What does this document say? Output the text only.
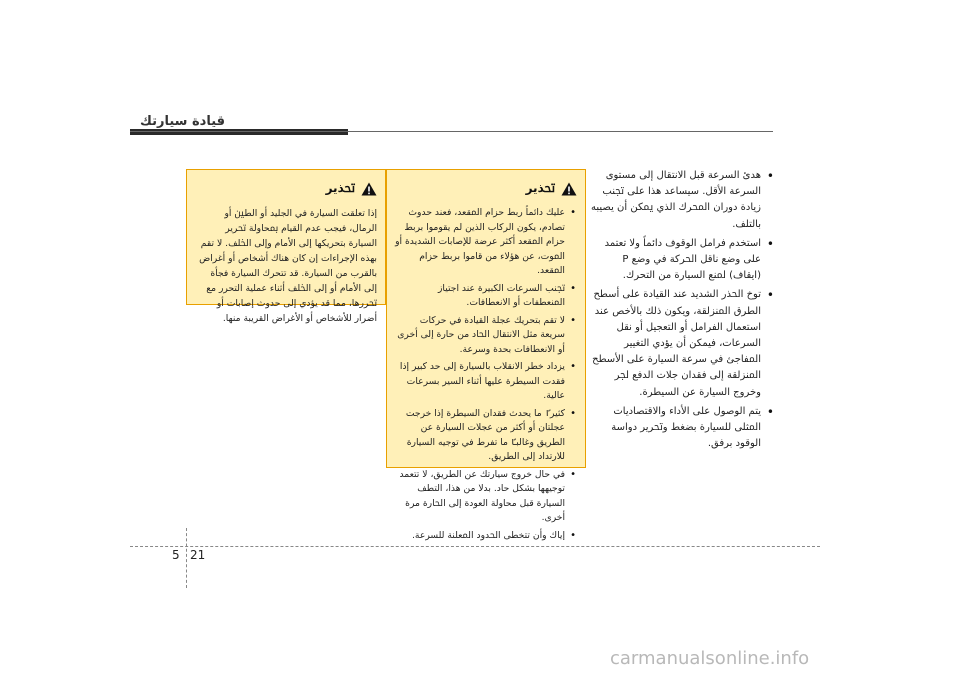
ﻗﻴﺎﺩﺓ ﺳﻴﺎﺭﺗﻚ
ﲢﺬﻳﺮ
ﺇﺫﺍ ﺗﻌﻠﻘﺖ ﺍﻟﺴﻴﺎﺭﺓ ﻓﻲ ﺍﻟﺠﻠﻴﺪ ﺃﻭ ﺍﻟﻄﲔ ﺃﻭ ﺍﻟﺮﻣﺎﻝ، ﻓﻴﺠﺐ ﻋﺪﻡ ﺍﻟﻘﻴﺎﻡ ﲟﺤﺎﻭﻟﺔ ﲢﺮﻳﺮ ﺍﻟﺴﻴﺎﺭﺓ ﺑﺘﺤﺮﻳﻜﻬﺎ ﺇﻟﻰ ﺍﻷﻣﺎﻡ ﻭﺇﻟﻰ ﺍﳋﻠﻒ. ﻻ ﺗﻘﻢ ﺑﻬﺬﻩ ﺍﻹﺟﺮﺍﺀﺍﺕ ﺇﻥ ﻛﺎﻥ ﻫﻨﺎﻙ ﺃﺷﺨﺎﺹ ﺃﻭ ﺃﻏﺮﺍﺽ ﺑﺎﻟﻘﺮﺏ ﻣﻦ ﺍﻟﺴﻴﺎﺭﺓ. ﻗﺪ ﺗﺘﺤﺮﻙ ﺍﻟﺴﻴﺎﺭﺓ ﻓﺠﺄﺓ ﺇﻟﻰ ﺍﻷﻣﺎﻡ ﺃﻭ ﺇﻟﻰ ﺍﳋﻠﻒ ﺃﺛﻨﺎﺀ ﻋﻤﻠﻴﺔ ﺍﻟﺘﺤﺮﺭ ﻣﻊ ﲢﺮﺭﻫﺎ، ﻣﻤﺎ ﻗﺪ ﻳﺆﺩﻱ ﺇﻟﻰ ﺣﺪﻭﺙ ﺇﺻﺎﺑﺎﺕ ﺃﻭ ﺃﺿﺮﺍﺭ ﻟﻸﺷﺨﺎﺹ ﺃﻭ ﺍﻷﻏﺮﺍﺽ ﺍﻟﻘﺮﻳﺒﺔ ﻣﻨﻬﺎ.
ﲢﺬﻳﺮ
• ﻋﻠﻴﻚ ﺩﺍﺋﻤﴼ ﺭﺑﻂ ﺣﺰﺍﻡ ﺍﳌﻘﻌﺪ، ﻓﻌﻨﺪ ﺣﺪﻭﺙ ﺗﺼﺎﺩﻡ، ﻳﻜﻮﻥ ﺍﻟﺮﻛﺎﺏ ﺍﻟﺬﻳﻦ ﻟﻢ ﻳﻘﻮﻣﻮﺍ ﺑﺮﺑﻂ ﺣﺰﺍﻡ ﺍﳌﻘﻌﺪ ﺃﻛﺜﺮ ﻋﺮﺿﺔ ﻟﻺﺻﺎﺑﺎﺕ ﺍﻟﺸﺪﻳﺪﺓ ﺃﻭ ﺍﳌﻮﺕ، ﻋﻦ ﻫﺆﻻﺀ ﻣﻦ ﻗﺎﻣﻮﺍ ﺑﺮﺑﻂ ﺣﺰﺍﻡ ﺍﳌﻘﻌﺪ.
• ﲡﻨﺐ ﺍﻟﺴﺮﻋﺎﺕ ﺍﻟﻜﺒﻴﺮﺓ ﻋﻨﺪ ﺍﺟﺘﻴﺎﺯ ﺍﳌﻨﻌﻄﻔﺎﺕ ﺃﻭ ﺍﻻﻧﻌﻄﺎﻓﺎﺕ.
• ﻻ ﺗﻘﻢ ﺑﺘﺤﺮﻳﻚ ﻋﺠﻠﺔ ﺍﻟﻘﻴﺎﺩﺓ ﻓﻲ ﺣﺮﻛﺎﺕ ﺳﺮﻳﻌﺔ ﻣﺜﻞ ﺍﻻﻧﺘﻘﺎﻝ ﺍﳊﺎﺩ ﻣﻦ ﺣﺎﺭﺓ ﺇﻟﻰ ﺃﺧﺮﻯ ﺃﻭ ﺍﻻﻧﻌﻄﺎﻓﺎﺕ ﺑﺤﺪﺓ ﻭﺳﺮﻋﺔ.
• ﻳﺰﺩﺍﺩ ﺧﻄﺮ ﺍﻻﻧﻘﻼﺏ ﺑﺎﻟﺴﻴﺎﺭﺓ ﺇﻟﻰ ﺣﺪ ﻛﺒﻴﺮ ﺇﺫﺍ ﻓﻘﺪﺕ ﺍﻟﺴﻴﻄﺮﺓ ﻋﻠﻴﻬﺎ ﺃﺛﻨﺎﺀ ﺍﻟﺴﻴﺮ ﺑﺴﺮﻋﺎﺕ ﻋﺎﻟﻴﺔ.
• ﻛﺜﻴﺮﴽ ﻣﺎ ﻳﺤﺪﺙ ﻓﻘﺪﺍﻥ ﺍﻟﺴﻴﻄﺮﺓ ﺇﺫﺍ ﺧﺮﺟﺖ ﻋﺠﻠﺘﺎﻥ ﺃﻭ ﺃﻛﺜﺮ ﻣﻦ ﻋﺠﻼﺕ ﺍﻟﺴﻴﺎﺭﺓ ﻋﻦ ﺍﻟﻄﺮﻳﻖ ﻭﻏﺎﻟﺒﴼ ﻣﺎ ﺗﻔﺮﻁ ﻓﻲ ﺗﻮﺟﻴﻪ ﺍﻟﺴﻴﺎﺭﺓ ﻟﻼﺭﺗﺪﺍﺩ ﺇﻟﻰ ﺍﻟﻄﺮﻳﻖ.
• ﻓﻲ ﺣﺎﻝ ﺧﺮﻭﺝ ﺳﻴﺎﺭﺗﻚ ﻋﻦ ﺍﻟﻄﺮﻳﻖ، ﻻ ﺗﺘﻌﻤﺪ ﺗﻮﺟﻴﻬﻬﺎ ﺑﺸﻜﻞ ﺣﺎﺩ. ﺑﺪﻻ ﻣﻦ ﻫﺬﺍ، ﺍﻟﺘﻄﻒ ﺍﻟﺴﻴﺎﺭﺓ ﻗﺒﻞ ﻣﺤﺎﻭﻟﺔ ﺍﻟﻌﻮﺩﺓ ﺇﻟﻰ ﺍﳊﺎﺭﺓ ﻣﺮﺓ ﺃﺧﺮﻯ.
• ﺇﻳﺎﻙ ﻭﺃﻥ ﺗﺘﺨﻄﻰ ﺍﳊﺪﻭﺩ ﺍﳌﻌﻠﻨﺔ ﻟﻠﺴﺮﻋﺔ.
• ﻫﺪﺉ ﺍﻟﺴﺮﻋﺔ ﻗﺒﻞ ﺍﻻﻧﺘﻘﺎﻝ ﺇﻟﻰ ﻣﺴﺘﻮﻯ ﺍﻟﺴﺮﻋﺔ ﺍﻷﻗﻞ. ﺳﻴﺴﺎﻋﺪ ﻫﺬﺍ ﻋﻠﻰ ﲡﻨﺐ ﺯﻳﺎﺩﺓ ﺩﻭﺭﺍﻥ ﺍﶈﺮﻙ ﺍﻟﺬﻱ ﳝﻜﻦ ﺃﻥ ﻳﺼﻴﺒﻪ ﺑﺎﻟﺘﻠﻒ.
• ﺍﺳﺘﺨﺪﻡ ﻓﺮﺍﻣﻞ ﺍﻟﻮﻗﻮﻑ ﺩﺍﺋﻤﴼ ﻭﻻ ﺗﻌﺘﻤﺪ ﻋﻠﻰ ﻭﺿﻊ ﻧﺎﻗﻞ ﺍﳊﺮﻛﺔ ﻓﻲ ﻭﺿﻊ P (ﺍﻳﻘﺎﻑ) ﳌﻨﻊ ﺍﻟﺴﻴﺎﺭﺓ ﻣﻦ ﺍﻟﺘﺤﺮﻙ.
• ﺗﻮﺥ ﺍﳊﺬﺭ ﺍﻟﺸﺪﻳﺪ ﻋﻨﺪ ﺍﻟﻘﻴﺎﺩﺓ ﻋﻠﻰ ﺃﺳﻄﺢ ﺍﻟﻄﺮﻕ ﺍﳌﻨﺰﻟﻘﺔ، ﻭﻳﻜﻮﻥ ﺫﻟﻚ ﺑﺎﻷﺧﺺ ﻋﻨﺪ ﺍﺳﺘﻌﻤﺎﻝ ﺍﻟﻔﺮﺍﻣﻞ ﺃﻭ ﺍﻟﺘﻌﺠﻴﻞ ﺃﻭ ﻧﻘﻞ ﺍﻟﺴﺮﻋﺎﺕ، ﻓﻴﻤﻜﻦ ﺃﻥ ﻳﺆﺩﻱ ﺍﻟﺘﻐﻴﻴﺮ ﺍﳌﻔﺎﺟﺊ ﻓﻲ ﺳﺮﻋﺔ ﺍﻟﺴﻴﺎﺭﺓ ﻋﻠﻰ ﺍﻷﺳﻄﺢ ﺍﳌﻨﺰﻟﻘﺔ ﺇﻟﻰ ﻓﻘﺪﺍﻥ ﺟﻼﺕ ﺍﻟﺪﻓﻊ ﳉﺮ ﻭﺧﺮﻭﺝ ﺍﻟﺴﻴﺎﺭﺓ ﻋﻦ ﺍﻟﺴﻴﻄﺮﺓ.
• ﻳﺘﻢ ﺍﻟﻮﺻﻮﻝ ﻋﻠﻰ ﺍﻷﺩﺍﺀ ﻭﺍﻻﻗﺘﺼﺎﺩﻳﺎﺕ ﺍﳌﺜﻠﻰ ﻟﻠﺴﻴﺎﺭﺓ ﺑﻀﻐﻂ ﻭﲢﺮﻳﺮ ﺩﻭﺍﺳﺔ ﺍﻟﻮﻗﻮﺩ ﺑﺮﻓﻖ.
5 21
carmanualsonline.info
